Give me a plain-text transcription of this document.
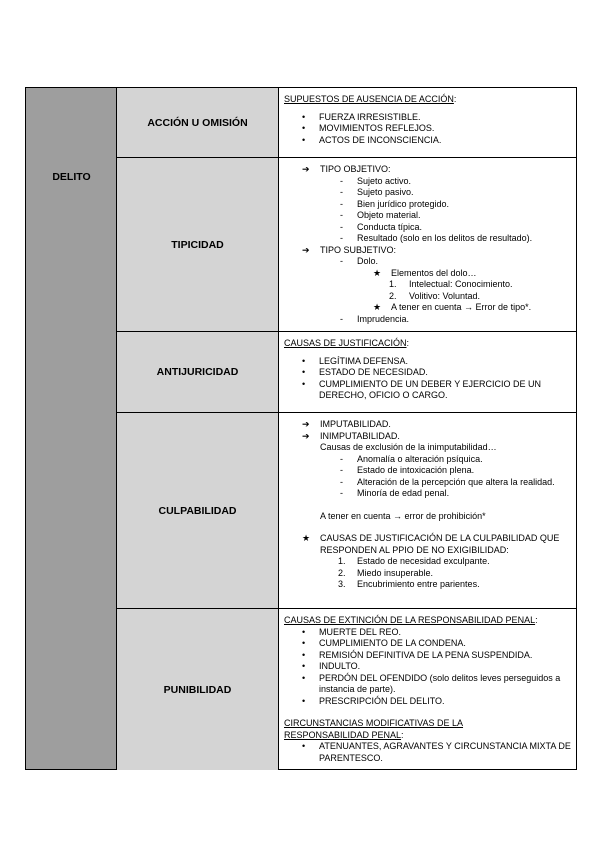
DELITO
ACCIÓN U OMISIÓN
SUPUESTOS DE AUSENCIA DE ACCIÓN:
• FUERZA IRRESISTIBLE.
• MOVIMIENTOS REFLEJOS.
• ACTOS DE INCONSCIENCIA.
TIPICIDAD
➔ TIPO OBJETIVO:
- Sujeto activo.
- Sujeto pasivo.
- Bien jurídico protegido.
- Objeto material.
- Conducta típica.
- Resultado (solo en los delitos de resultado).
➔ TIPO SUBJETIVO:
- Dolo.
★ Elementos del dolo…
1. Intelectual: Conocimiento.
2. Volitivo: Voluntad.
★ A tener en cuenta → Error de tipo*.
- Imprudencia.
ANTIJURICIDAD
CAUSAS DE JUSTIFICACIÓN:
• LEGÍTIMA DEFENSA.
• ESTADO DE NECESIDAD.
• CUMPLIMIENTO DE UN DEBER Y EJERCICIO DE UN DERECHO, OFICIO O CARGO.
CULPABILIDAD
➔ IMPUTABILIDAD.
➔ INIMPUTABILIDAD.
Causas de exclusión de la inimputabilidad…
- Anomalía o alteración psíquica.
- Estado de intoxicación plena.
- Alteración de la percepción que altera la realidad.
- Minoría de edad penal.
A tener en cuenta → error de prohibición*
★ CAUSAS DE JUSTIFICACIÓN DE LA CULPABILIDAD QUE RESPONDEN AL PPIO DE NO EXIGIBILIDAD:
1. Estado de necesidad exculpante.
2. Miedo insuperable.
3. Encubrimiento entre parientes.
PUNIBILIDAD
CAUSAS DE EXTINCIÓN DE LA RESPONSABILIDAD PENAL:
• MUERTE DEL REO.
• CUMPLIMIENTO DE LA CONDENA.
• REMISIÓN DEFINITIVA DE LA PENA SUSPENDIDA.
• INDULTO.
• PERDÓN DEL OFENDIDO (solo delitos leves perseguidos a instancia de parte).
• PRESCRIPCIÓN DEL DELITO.
CIRCUNSTANCIAS MODIFICATIVAS DE LA RESPONSABILIDAD PENAL:
• ATENUANTES, AGRAVANTES Y CIRCUNSTANCIA MIXTA DE PARENTESCO.
